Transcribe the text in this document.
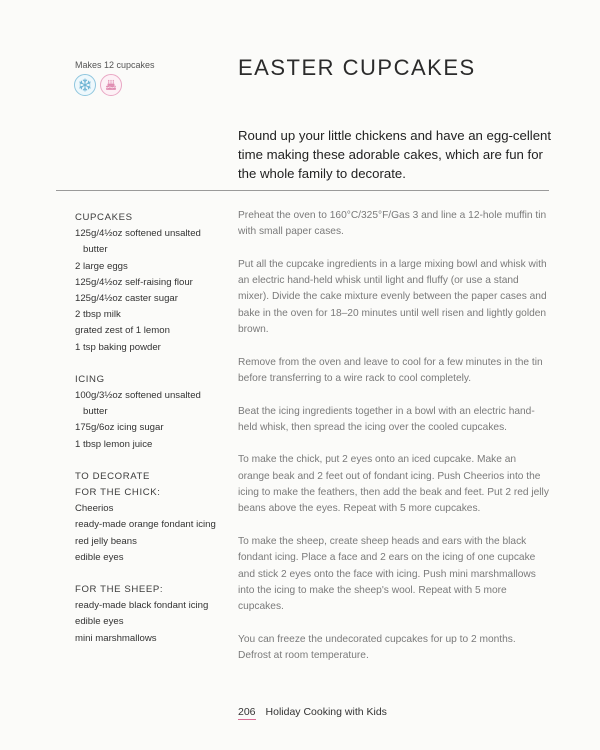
Makes 12 cupcakes	EASTER CUPCAKES

Round up your little chickens and have an egg-cellent time making these adorable cakes, which are fun for the whole family to decorate.

CUPCAKES
125g/4½oz softened unsalted
butter
2 large eggs
125g/4½oz self-raising flour
125g/4½oz caster sugar
2 tbsp milk
grated zest of 1 lemon
1 tsp baking powder
ICING
100g/3½oz softened unsalted
butter
175g/6oz icing sugar
1 tbsp lemon juice
TO DECORATE
FOR THE CHICK:
Cheerios
ready-made orange fondant icing
red jelly beans
edible eyes
FOR THE SHEEP:
ready-made black fondant icing
edible eyes
mini marshmallows

Preheat the oven to 160°C/325°F/Gas 3 and line a 12-hole muffin tin with small paper cases.

Put all the cupcake ingredients in a large mixing bowl and whisk with an electric hand-held whisk until light and fluffy (or use a stand mixer). Divide the cake mixture evenly between the paper cases and bake in the oven for 18–20 minutes until well risen and lightly golden brown.

Remove from the oven and leave to cool for a few minutes in the tin before transferring to a wire rack to cool completely.

Beat the icing ingredients together in a bowl with an electric hand-held whisk, then spread the icing over the cooled cupcakes.

To make the chick, put 2 eyes onto an iced cupcake. Make an orange beak and 2 feet out of fondant icing. Push Cheerios into the icing to make the feathers, then add the beak and feet. Put 2 red jelly beans above the eyes. Repeat with 5 more cupcakes.

To make the sheep, create sheep heads and ears with the black fondant icing. Place a face and 2 ears on the icing of one cupcake and stick 2 eyes onto the face with icing. Push mini marshmallows into the icing to make the sheep's wool. Repeat with 5 more cupcakes.

You can freeze the undecorated cupcakes for up to 2 months. Defrost at room temperature.

206 Holiday Cooking with Kids
